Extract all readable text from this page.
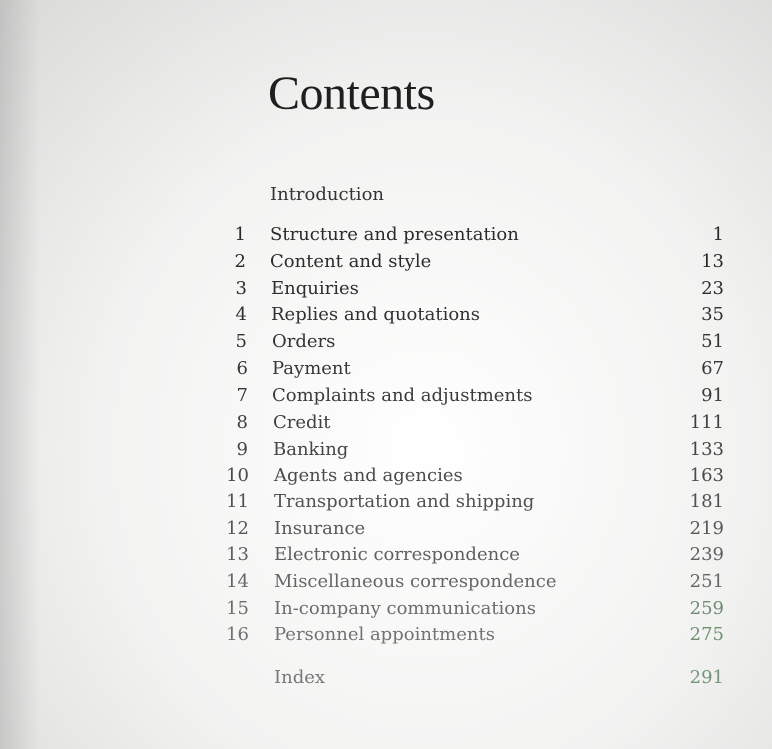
Contents
Introduction
1 Structure and presentation	1
2 Content and style	13
3 Enquiries	23
4 Replies and quotations	35
5 Orders	51
6 Payment	67
7 Complaints and adjustments	91
8 Credit	111
9 Banking	133
10 Agents and agencies	163
11 Transportation and shipping	181
12 Insurance	219
13 Electronic correspondence	239
14 Miscellaneous correspondence	251
15 In-company communications	259
16 Personnel appointments	275
Index	291
